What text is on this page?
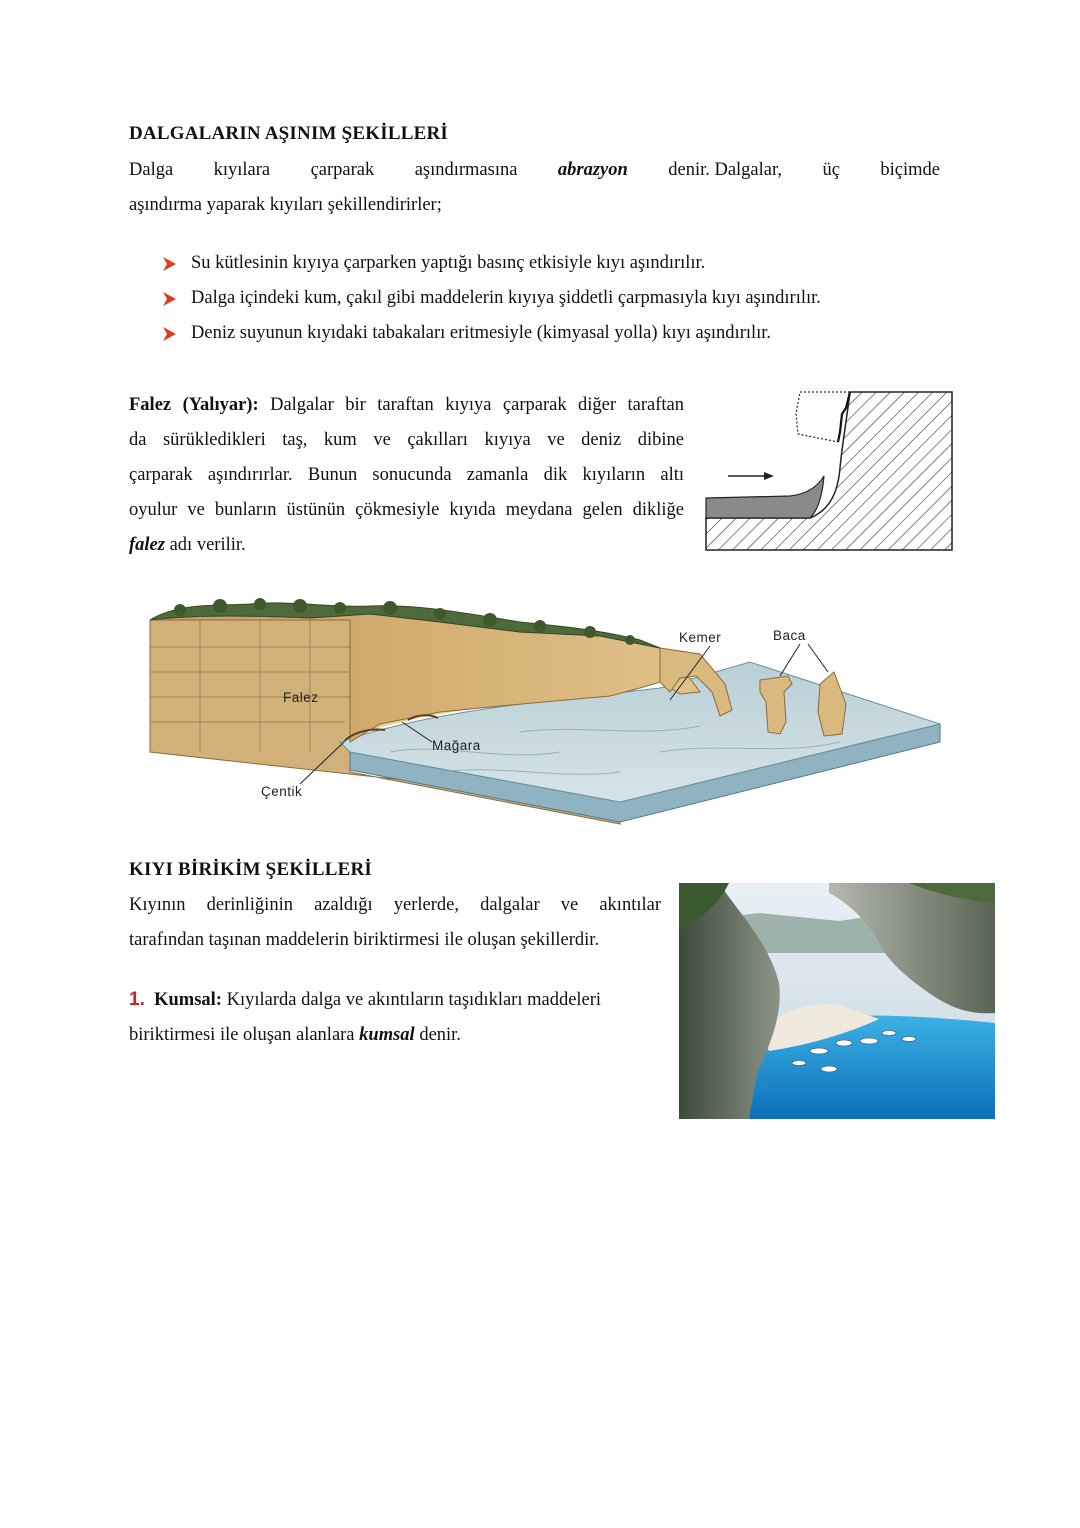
DALGALARIN AŞINIM ŞEKİLLERİ
Dalga kıyılara çarparak aşındırmasına abrazyon denir. Dalgalar, üç biçimde
aşındırma yaparak kıyıları şekillendirirler;
Su kütlesinin kıyıya çarparken yaptığı basınç etkisiyle kıyı aşındırılır.
Dalga içindeki kum, çakıl gibi maddelerin kıyıya şiddetli çarpmasıyla kıyı aşındırılır.
Deniz suyunun kıyıdaki tabakaları eritmesiyle (kimyasal yolla) kıyı aşındırılır.
Falez (Yalıyar): Dalgalar bir taraftan kıyıya çarparak diğer taraftan
da sürükledikleri taş, kum ve çakılları kıyıya ve deniz dibine
çarparak aşındırırlar. Bunun sonucunda zamanla dik kıyıların altı
oyulur ve bunların üstünün çökmesiyle kıyıda meydana gelen dikliğe
falez adı verilir.
Falez
Mağara
Çentik
Kemer	Baca
KIYI BİRİKİM ŞEKİLLERİ
Kıyının derinliğinin azaldığı yerlerde, dalgalar ve akıntılar
tarafından taşınan maddelerin biriktirmesi ile oluşan şekillerdir.
1. Kumsal: Kıyılarda dalga ve akıntıların taşıdıkları maddeleri
biriktirmesi ile oluşan alanlara kumsal denir.
